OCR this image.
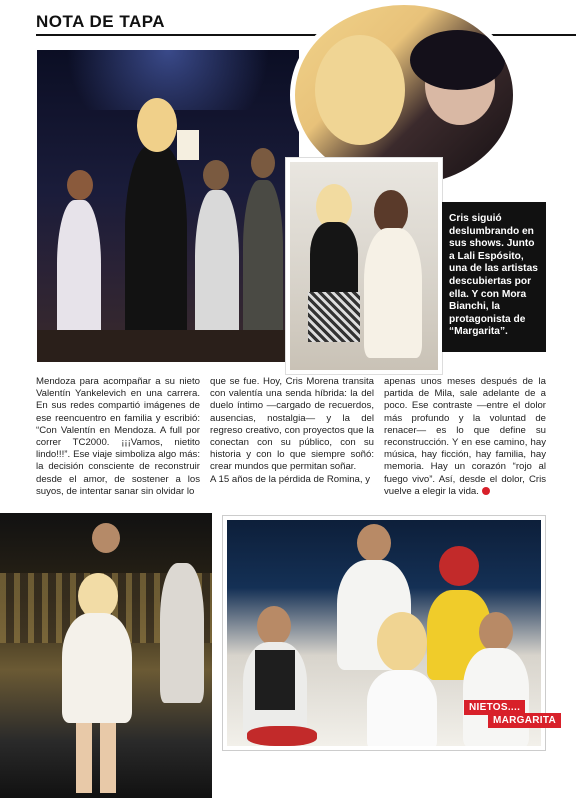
NOTA DE TAPA
Cris siguió deslumbrando en sus shows. Junto a Lali Espósito, una de las artistas descubiertas por ella. Y con Mora Bianchi, la protagonista de “Margarita”.
Mendoza para acompañar a su nieto Valentín Yankelevich en una carrera. En sus redes compartió imágenes de ese reencuentro en familia y escribió: “Con Valentín en Mendoza. A full por correr TC2000. ¡¡¡Vamos, nietito lindo!!!”. Ese viaje simboliza algo más: la decisión consciente de reconstruir desde el amor, de sostener a los suyos, de intentar sanar sin olvidar lo
que se fue. Hoy, Cris Morena transita con valentía una senda híbrida: la del duelo íntimo —cargado de recuerdos, ausencias, nostalgia— y la del regreso creativo, con proyectos que la conectan con su público, con su historia y con lo que siempre soñó: crear mundos que permitan soñar.
A 15 años de la pérdida de Romina, y
apenas unos meses después de la partida de Mila, sale adelante de a poco. Ese contraste —entre el dolor más profundo y la voluntad de renacer— es lo que define su reconstrucción. Y en ese camino, hay música, hay ficción, hay familia, hay memoria. Hay un corazón “rojo al fuego vivo”. Así, desde el dolor, Cris vuelve a elegir la vida.
NIETOS....
MARGARITA
